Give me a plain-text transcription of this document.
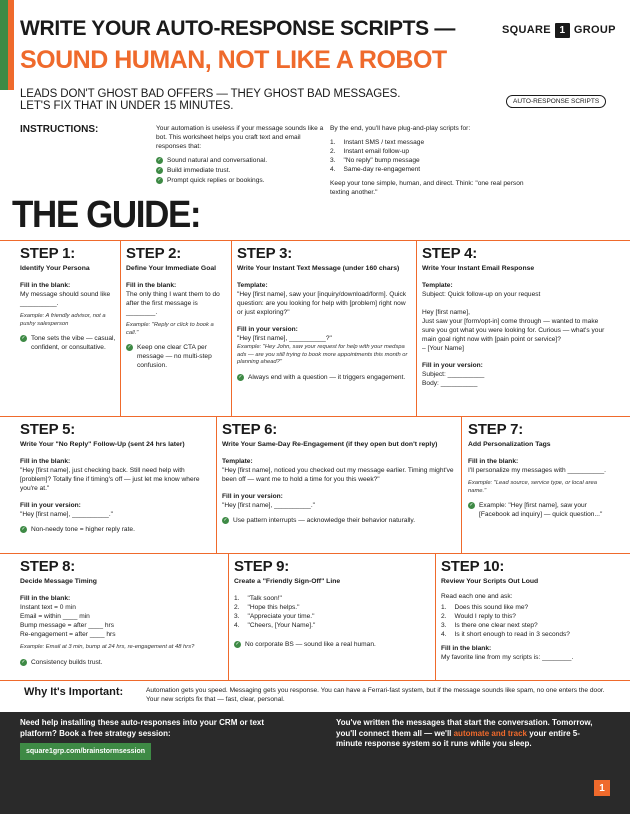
WRITE YOUR AUTO-RESPONSE SCRIPTS —
SOUND HUMAN, NOT LIKE A ROBOT
SQUARE 1 GROUP
LEADS DON'T GHOST BAD OFFERS — THEY GHOST BAD MESSAGES.
LET'S FIX THAT IN UNDER 15 MINUTES.	AUTO-RESPONSE SCRIPTS
INSTRUCTIONS:	Your automation is useless if your message sounds like a bot. This worksheet helps you craft text and email responses that:
✓ Sound natural and conversational.
✓ Build immediate trust.
✓ Prompt quick replies or bookings.
By the end, you'll have plug-and-play scripts for:
1. Instant SMS / text message
2. Instant email follow-up
3. "No reply" bump message
4. Same-day re-engagement
Keep your tone simple, human, and direct. Think: "one real person texting another."
THE GUIDE:
STEP 1:
Identify Your Persona
Fill in the blank:
My message should sound like __________.
Example: A friendly advisor, not a pushy salesperson
✓ Tone sets the vibe — casual, confident, or consultative.
STEP 2:
Define Your Immediate Goal
Fill in the blank:
The only thing I want them to do after the first message is ________.
Example: "Reply or click to book a call."
✓ Keep one clear CTA per message — no multi-step confusion.
STEP 3:
Write Your Instant Text Message (under 160 chars)
Template:
"Hey [first name], saw your [inquiry/download/form]. Quick question: are you looking for help with [problem] right now or just exploring?"
Fill in your version:
"Hey [first name], __________?"
Example: "Hey John, saw your request for help with your medspa ads — are you still trying to book more appointments this month or planning ahead?"
✓ Always end with a question — it triggers engagement.
STEP 4:
Write Your Instant Email Response
Template:
Subject: Quick follow-up on your request
Hey [first name],
Just saw your [form/opt-in] come through — wanted to make sure you got what you were looking for. Curious — what's your main goal right now with [pain point or service]?
– [Your Name]
Fill in your version:
Subject: __________
Body: __________
STEP 5:
Write Your "No Reply" Follow-Up (sent 24 hrs later)
Fill in the blank:
"Hey [first name], just checking back. Still need help with [problem]? Totally fine if timing's off — just let me know where you're at."
Fill in your version:
"Hey [first name], __________."
✓ Non-needy tone = higher reply rate.
STEP 6:
Write Your Same-Day Re-Engagement (if they open but don't reply)
Template:
"Hey [first name], noticed you checked out my message earlier. Timing might've been off — want me to hold a time for you this week?"
Fill in your version:
"Hey [first name], __________."
✓ Use pattern interrupts — acknowledge their behavior naturally.
STEP 7:
Add Personalization Tags
Fill in the blank:
I'll personalize my messages with __________.
Example: "Lead source, service type, or local area name."
✓ Example: "Hey [first name], saw your [Facebook ad inquiry] — quick question..."
STEP 8:
Decide Message Timing
Fill in the blank:
Instant text = 0 min
Email = within ____ min
Bump message = after ____ hrs
Re-engagement = after ____ hrs
Example: Email at 3 min, bump at 24 hrs, re-engagement at 48 hrs?
✓ Consistency builds trust.
STEP 9:
Create a "Friendly Sign-Off" Line
1. "Talk soon!"
2. "Hope this helps."
3. "Appreciate your time."
4. "Cheers, [Your Name]."
✓ No corporate BS — sound like a real human.
STEP 10:
Review Your Scripts Out Loud
Read each one and ask:
1. Does this sound like me?
2. Would I reply to this?
3. Is there one clear next step?
4. Is it short enough to read in 3 seconds?
Fill in the blank:
My favorite line from my scripts is: ________.
Why It's Important:	Automation gets you speed. Messaging gets you response. You can have a Ferrari-fast system, but if the message sounds like spam, no one enters the door. Your new scripts fix that — fast, clear, personal.
Need help installing these auto-responses into your CRM or text platform? Book a free strategy session:
square1grp.com/brainstormsession
You've written the messages that start the conversation. Tomorrow, you'll connect them all — we'll automate and track your entire 5-minute response system so it runs while you sleep.
1
